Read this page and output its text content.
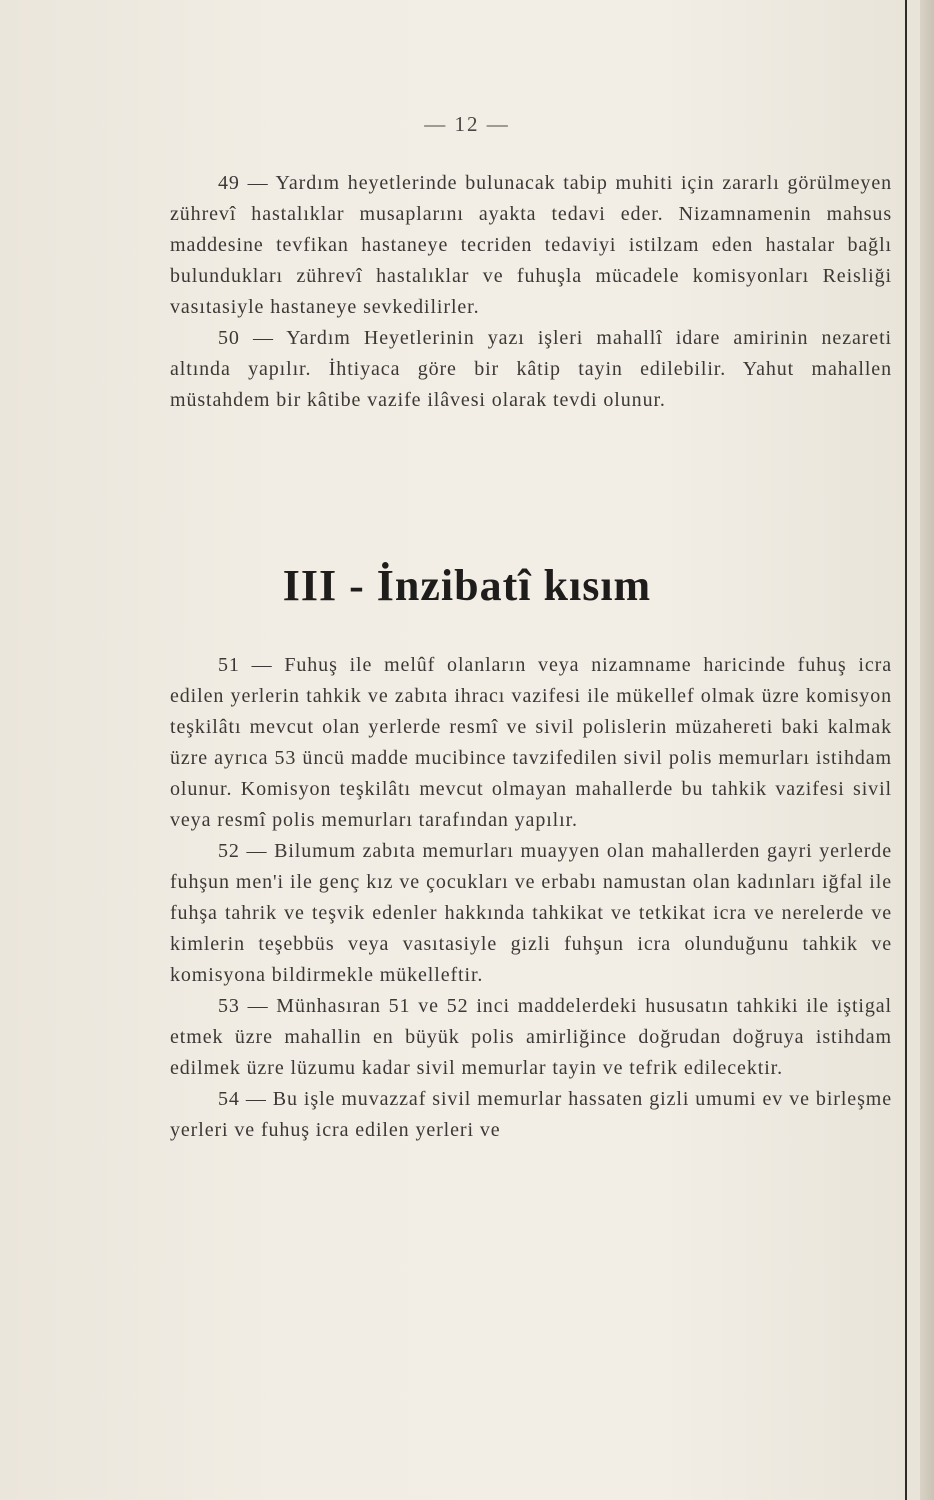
— 12 —

49 — Yardım heyetlerinde bulunacak tabip muhiti için zararlı görülmeyen zührevî hastalıklar musaplarını ayakta tedavi eder. Nizamnamenin mahsus maddesine tevfikan hastaneye tecriden tedaviyi istilzam eden hastalar bağlı bulundukları zührevî hastalıklar ve fuhuşla mücadele komisyonları Reisliği vasıtasiyle hastaneye sevkedilirler.

50 — Yardım Heyetlerinin yazı işleri mahallî idare amirinin nezareti altında yapılır. İhtiyaca göre bir kâtip tayin edilebilir. Yahut mahallen müstahdem bir kâtibe vazife ilâvesi olarak tevdi olunur.

III - İnzibatî kısım

51 — Fuhuş ile melûf olanların veya nizamname haricinde fuhuş icra edilen yerlerin tahkik ve zabıta ihracı vazifesi ile mükellef olmak üzre komisyon teşkilâtı mevcut olan yerlerde resmî ve sivil polislerin müzahereti baki kalmak üzre ayrıca 53 üncü madde mucibince tavzifedilen sivil polis memurları istihdam olunur. Komisyon teşkilâtı mevcut olmayan mahallerde bu tahkik vazifesi sivil veya resmî polis memurları tarafından yapılır.

52 — Bilumum zabıta memurları muayyen olan mahallerden gayri yerlerde fuhşun men'i ile genç kız ve çocukları ve erbabı namustan olan kadınları iğfal ile fuhşa tahrik ve teşvik edenler hakkında tahkikat ve tetkikat icra ve nerelerde ve kimlerin teşebbüs veya vasıtasiyle gizli fuhşun icra olunduğunu tahkik ve komisyona bildirmekle mükelleftir.

53 — Münhasıran 51 ve 52 inci maddelerdeki hususatın tahkiki ile iştigal etmek üzre mahallin en büyük polis amirliğince doğrudan doğruya istihdam edilmek üzre lüzumu kadar sivil memurlar tayin ve tefrik edilecektir.

54 — Bu işle muvazzaf sivil memurlar hassaten gizli umumi ev ve birleşme yerleri ve fuhuş icra edilen yerleri ve
